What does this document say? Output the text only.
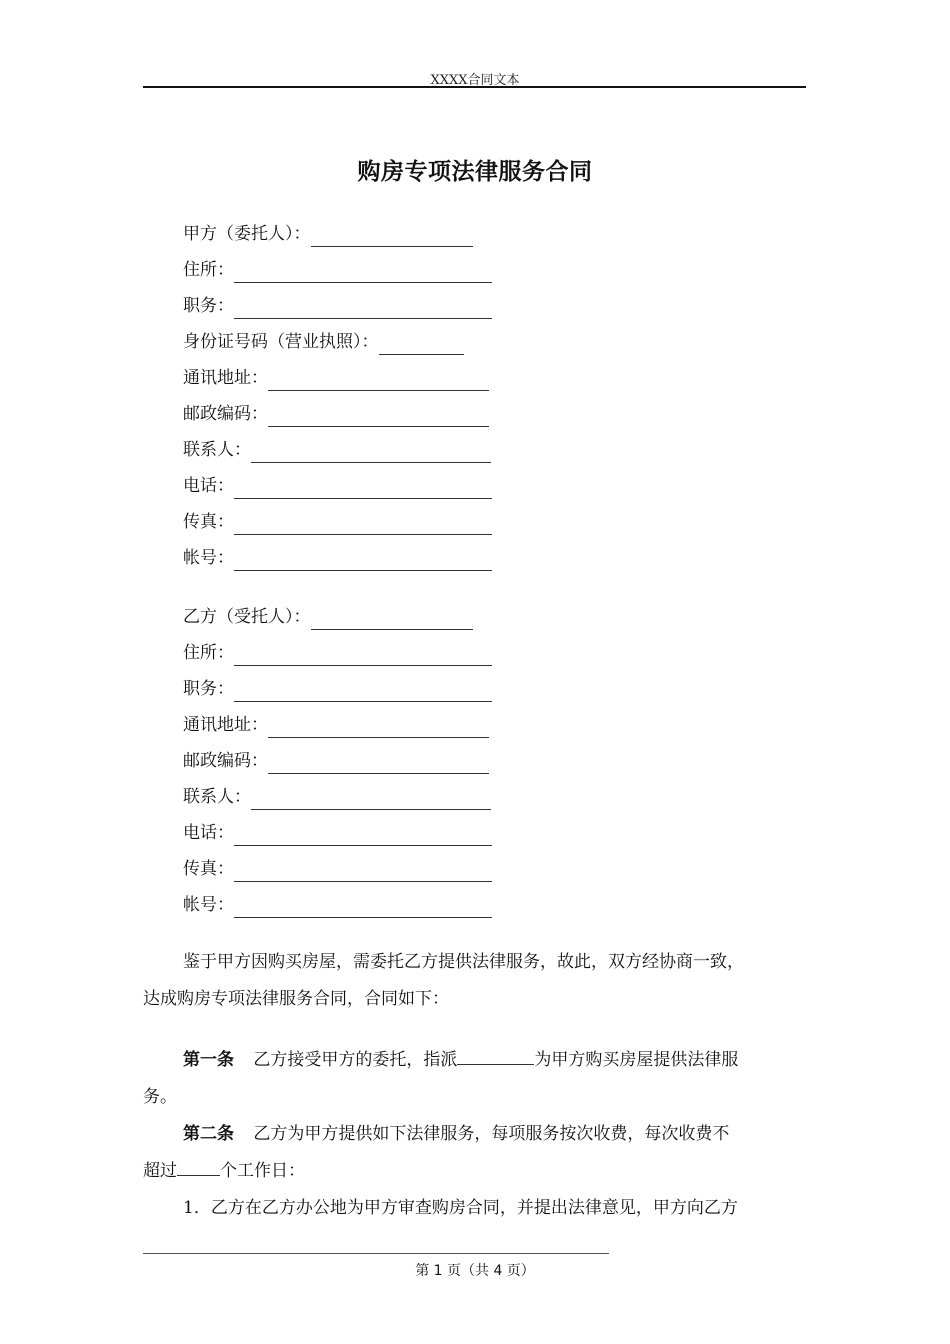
XXXX合同文本
购房专项法律服务合同
甲方（委托人）：
住所：
职务：
身份证号码（营业执照）：
通讯地址：
邮政编码：
联系人：
电话：
传真：
帐号：
乙方（受托人）：
住所：
职务：
通讯地址：
邮政编码：
联系人：
电话：
传真：
帐号：
鉴于甲方因购买房屋，需委托乙方提供法律服务，故此，双方经协商一致，
达成购房专项法律服务合同，合同如下：
第一条 乙方接受甲方的委托，指派	为甲方购买房屋提供法律服
务。
第二条 乙方为甲方提供如下法律服务，每项服务按次收费，每次收费不
超过	个工作日：
1．乙方在乙方办公地为甲方审查购房合同，并提出法律意见，甲方向乙方
第 1 页（共 4 页）
